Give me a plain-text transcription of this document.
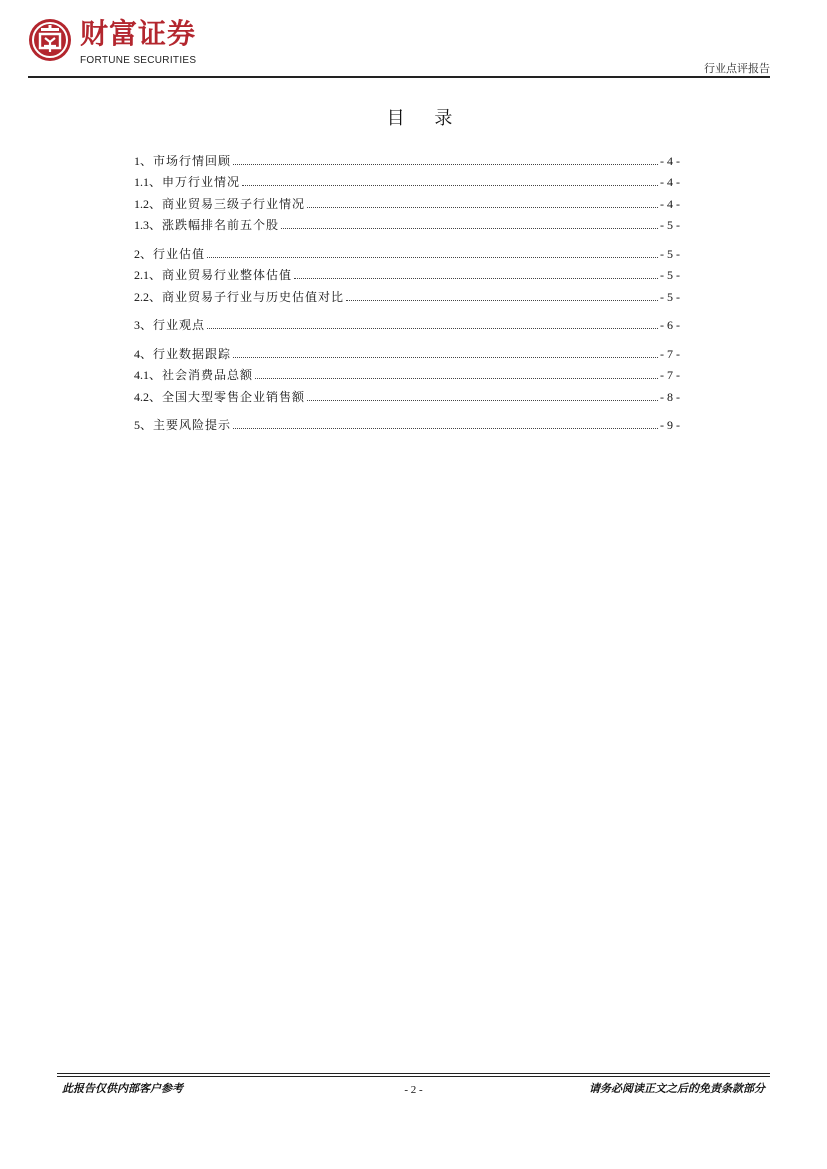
财富证券
FORTUNE SECURITIES
行业点评报告
目 录
1、市场行情回顾	- 4 -
1.1、申万行业情况	- 4 -
1.2、商业贸易三级子行业情况	- 4 -
1.3、涨跌幅排名前五个股	- 5 -
2、行业估值	- 5 -
2.1、商业贸易行业整体估值	- 5 -
2.2、商业贸易子行业与历史估值对比	- 5 -
3、行业观点	- 6 -
4、行业数据跟踪	- 7 -
4.1、社会消费品总额	- 7 -
4.2、全国大型零售企业销售额	- 8 -
5、主要风险提示	- 9 -
此报告仅供内部客户参考	- 2 -	请务必阅读正文之后的免责条款部分
